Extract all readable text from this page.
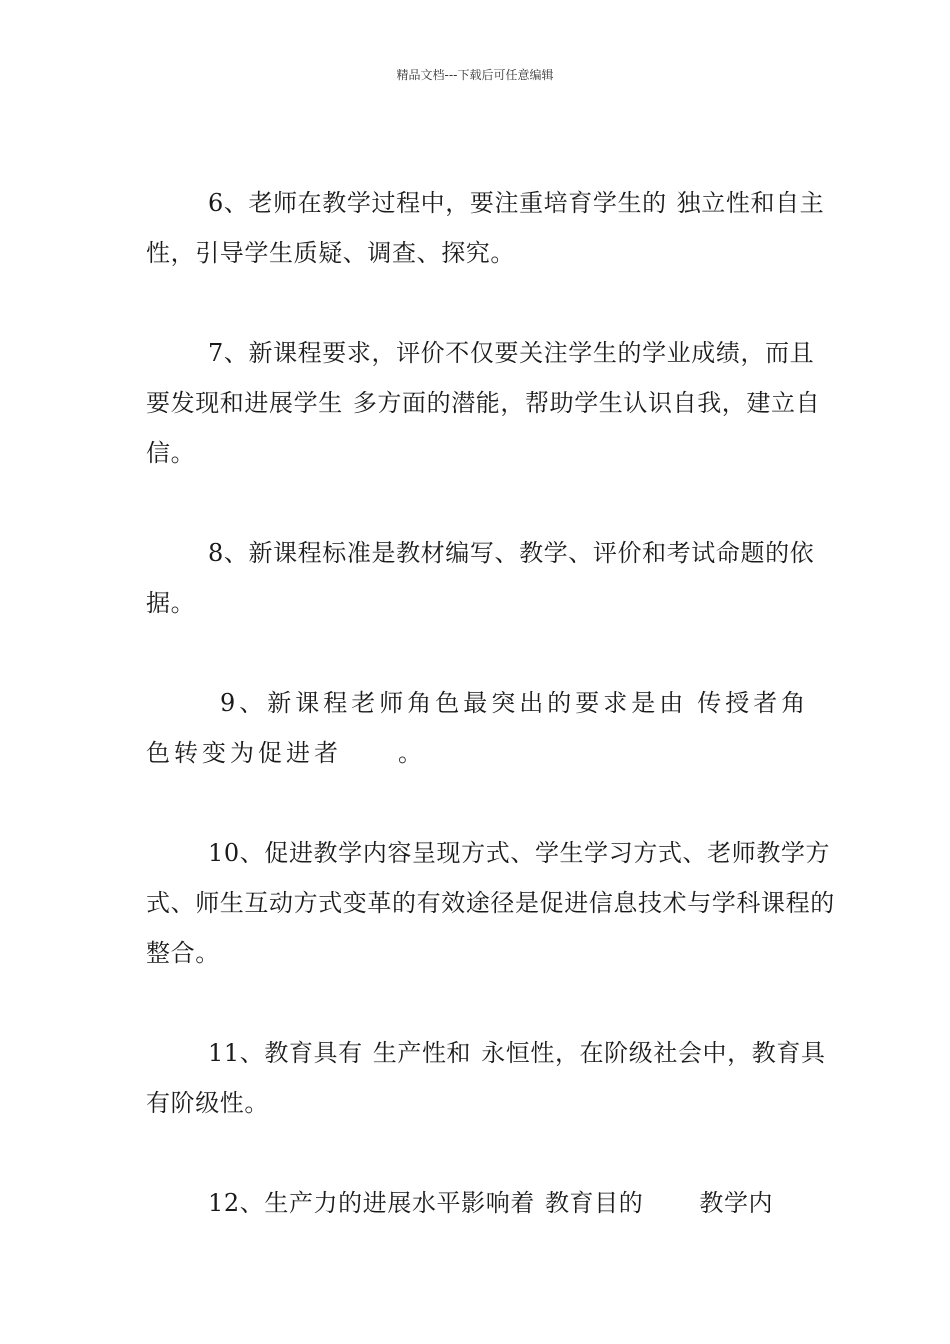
精品文档---下载后可任意编辑

6、老师在教学过程中，要注重培育学生的 独立性和自主性，引导学生质疑、调查、探究。

7、新课程要求，评价不仅要关注学生的学业成绩，而且要发现和进展学生 多方面的潜能，帮助学生认识自我，建立自信。

8、新课程标准是教材编写、教学、评价和考试命题的依据。

9、新课程老师角色最突出的要求是由 传授者角色转变为促进者 。

10、促进教学内容呈现方式、学生学习方式、老师教学方式、师生互动方式变革的有效途径是促进信息技术与学科课程的整合。

11、教育具有 生产性和 永恒性，在阶级社会中，教育具有阶级性。

12、生产力的进展水平影响着 教育目的 教学内
